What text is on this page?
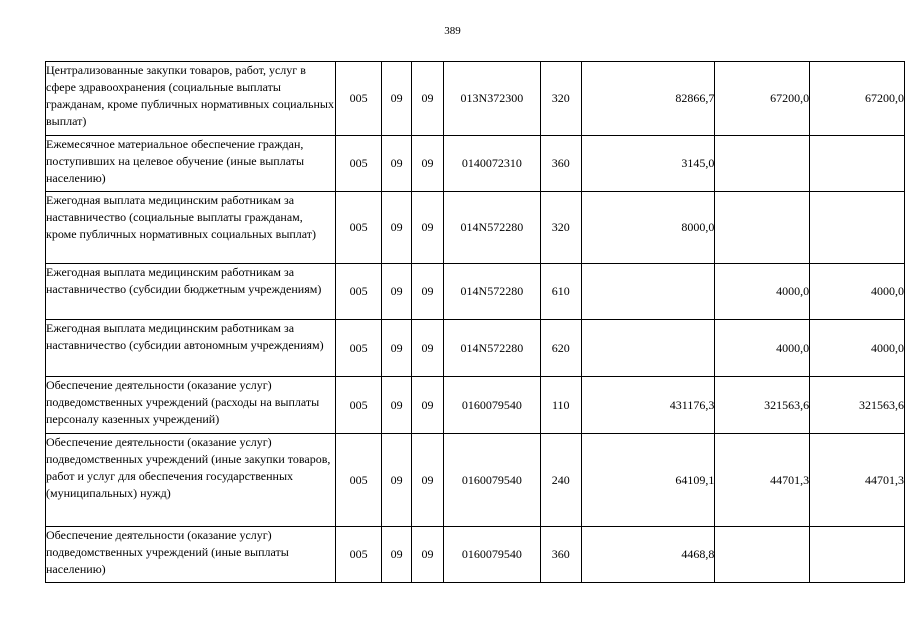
389
Централизованные закупки товаров, работ, услуг в сфере здравоохранения (социальные выплаты гражданам, кроме публичных нормативных социальных выплат)	005	09	09	013N372300	320	82866,7	67200,0	67200,0
Ежемесячное материальное обеспечение граждан, поступивших на целевое обучение (иные выплаты населению)	005	09	09	0140072310	360	3145,0		
Ежегодная выплата медицинским работникам за наставничество (социальные выплаты гражданам, кроме публичных нормативных социальных выплат)	005	09	09	014N572280	320	8000,0		
Ежегодная выплата медицинским работникам за наставничество (субсидии бюджетным учреждениям)	005	09	09	014N572280	610		4000,0	4000,0
Ежегодная выплата медицинским работникам за наставничество (субсидии автономным учреждениям)	005	09	09	014N572280	620		4000,0	4000,0
Обеспечение деятельности (оказание услуг) подведомственных учреждений (расходы на выплаты персоналу казенных учреждений)	005	09	09	0160079540	110	431176,3	321563,6	321563,6
Обеспечение деятельности (оказание услуг) подведомственных учреждений (иные закупки товаров, работ и услуг для обеспечения государственных (муниципальных) нужд)	005	09	09	0160079540	240	64109,1	44701,3	44701,3
Обеспечение деятельности (оказание услуг) подведомственных учреждений (иные выплаты населению)	005	09	09	0160079540	360	4468,8		
